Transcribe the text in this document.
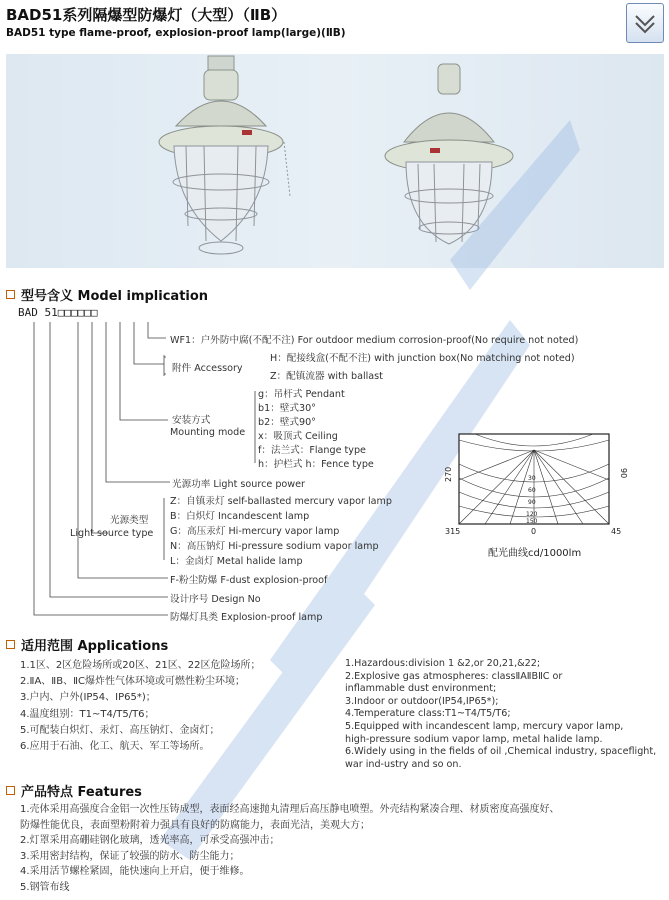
BAD51系列隔爆型防爆灯（大型）（ⅡB）
BAD51 type flame-proof, explosion-proof lamp(large)(ⅡB)
型号含义 Model implication
BAD 51□□□□□□
WF1：户外防中腐(不配不注) For outdoor medium corrosion-proof(No require not noted)
附件 Accessory
H：配接线盒(不配不注) with junction box(No matching not noted)
Z：配镇流器 with ballast
g：吊杆式 Pendant
b1：壁式30°
b2：壁式90°
安装方式
x：吸顶式 Ceiling
Mounting mode
f：法兰式：Flange type
h：护栏式 h：Fence type
光源功率 Light source power
光源类型
Light source type
Z：自镇汞灯 self-ballasted mercury vapor lamp
B：白炽灯 Incandescent lamp
G：高压汞灯 Hi-mercury vapor lamp
N：高压钠灯 Hi-pressure sodium vapor lamp
L：金卤灯 Metal halide lamp
F-粉尘防爆 F-dust explosion-proof
设计序号 Design No
防爆灯具类 Explosion-proof lamp
270	90
315	0	45
30
60
90
120
150
配光曲线cd/1000lm
适用范围 Applications
1.1区、2区危险场所或20区、21区、22区危险场所；
2.ⅡA、ⅡB、ⅡC爆炸性气体环境或可燃性粉尘环境；
3.户内、户外(IP54、IP65*)；
4.温度组别：T1~T4/T5/T6；
5.可配装白炽灯、汞灯、高压钠灯、金卤灯；
6.应用于石油、化工、航天、军工等场所。
1.Hazardous:division 1 &2,or 20,21,&22;
2.Explosive gas atmospheres: classⅡAⅡBⅡC or
inflammable dust environment;
3.Indoor or outdoor(IP54,IP65*);
4.Temperature class:T1~T4/T5/T6;
5.Equipped with incandescent lamp, mercury vapor lamp,
high-pressure sodium vapor lamp, metal halide lamp.
6.Widely using in the fields of oil ,Chemical industry, spaceflight,
war ind-ustry and so on.
产品特点 Features
1.壳体采用高强度合金铝一次性压铸成型，表面经高速抛丸清理后高压静电喷塑。外壳结构紧凑合理、材质密度高强度好、
防爆性能优良，表面塑粉附着力强具有良好的防腐能力，表面光洁，美观大方；
2.灯罩采用高硼硅钢化玻璃，透光率高，可承受高强冲击；
3.采用密封结构，保证了较强的防水、防尘能力；
4.采用活节螺栓紧固，能快速向上开启，便于维修。
5.钢管布线
